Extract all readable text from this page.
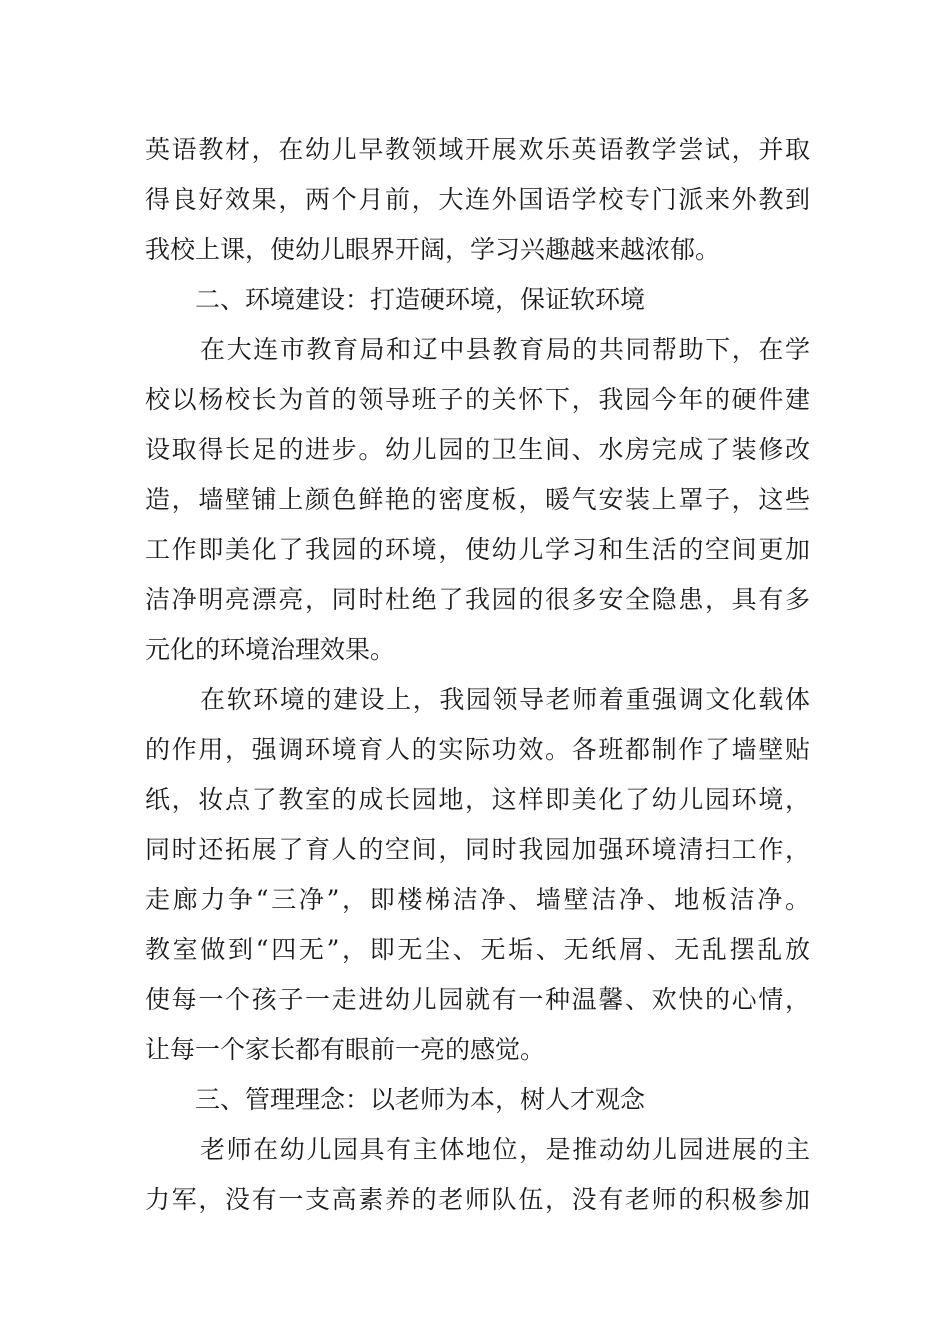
英语教材，在幼儿早教领域开展欢乐英语教学尝试，并取
得良好效果，两个月前，大连外国语学校专门派来外教到
我校上课，使幼儿眼界开阔，学习兴趣越来越浓郁。
二、环境建设：打造硬环境，保证软环境
在大连市教育局和辽中县教育局的共同帮助下，在学
校以杨校长为首的领导班子的关怀下，我园今年的硬件建
设取得长足的进步。幼儿园的卫生间、水房完成了装修改
造，墙壁铺上颜色鲜艳的密度板，暖气安装上罩子，这些
工作即美化了我园的环境，使幼儿学习和生活的空间更加
洁净明亮漂亮，同时杜绝了我园的很多安全隐患，具有多
元化的环境治理效果。
在软环境的建设上，我园领导老师着重强调文化载体
的作用，强调环境育人的实际功效。各班都制作了墙壁贴
纸，妆点了教室的成长园地，这样即美化了幼儿园环境，
同时还拓展了育人的空间，同时我园加强环境清扫工作，
走廊力争“三净”，即楼梯洁净、墙壁洁净、地板洁净。
教室做到“四无”，即无尘、无垢、无纸屑、无乱摆乱放
使每一个孩子一走进幼儿园就有一种温馨、欢快的心情，
让每一个家长都有眼前一亮的感觉。
三、管理理念：以老师为本，树人才观念
老师在幼儿园具有主体地位，是推动幼儿园进展的主
力军，没有一支高素养的老师队伍，没有老师的积极参加
